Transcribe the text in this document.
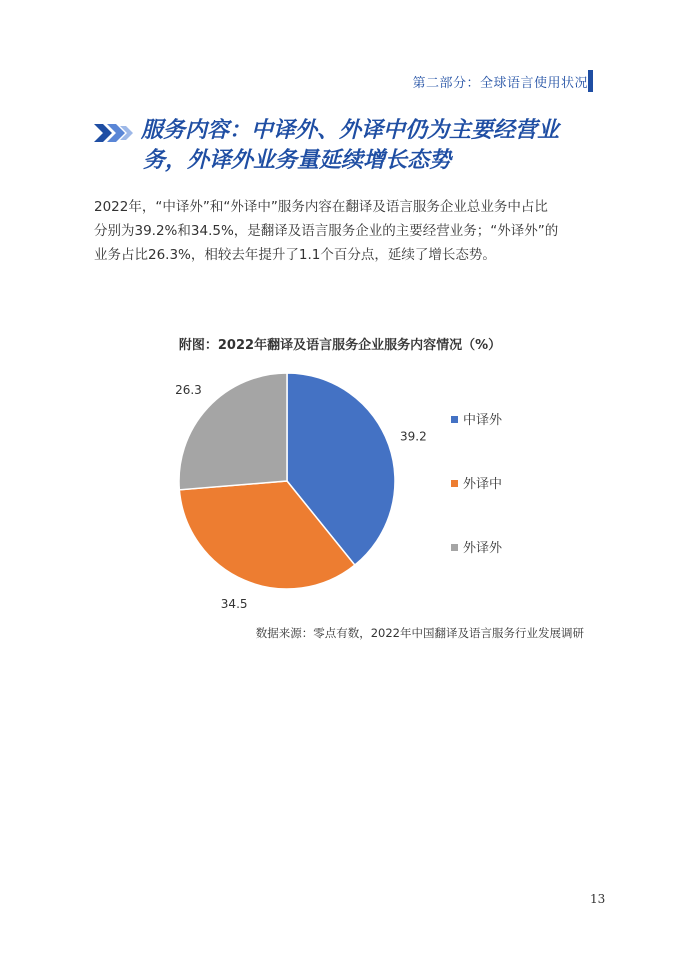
第二部分：全球语言使用状况
服务内容：中译外、外译中仍为主要经营业
务，外译外业务量延续增长态势

2022年，“中译外”和“外译中”服务内容在翻译及语言服务企业总业务中占比

分别为39.2%和34.5%，是翻译及语言服务企业的主要经营业务；“外译外”的

业务占比26.3%，相较去年提升了1.1个百分点，延续了增长态势。

附图：2022年翻译及语言服务企业服务内容情况（%）
39.2
34.5
26.3
中译外
外译中
外译外
数据来源：零点有数，2022年中国翻译及语言服务行业发展调研
13
